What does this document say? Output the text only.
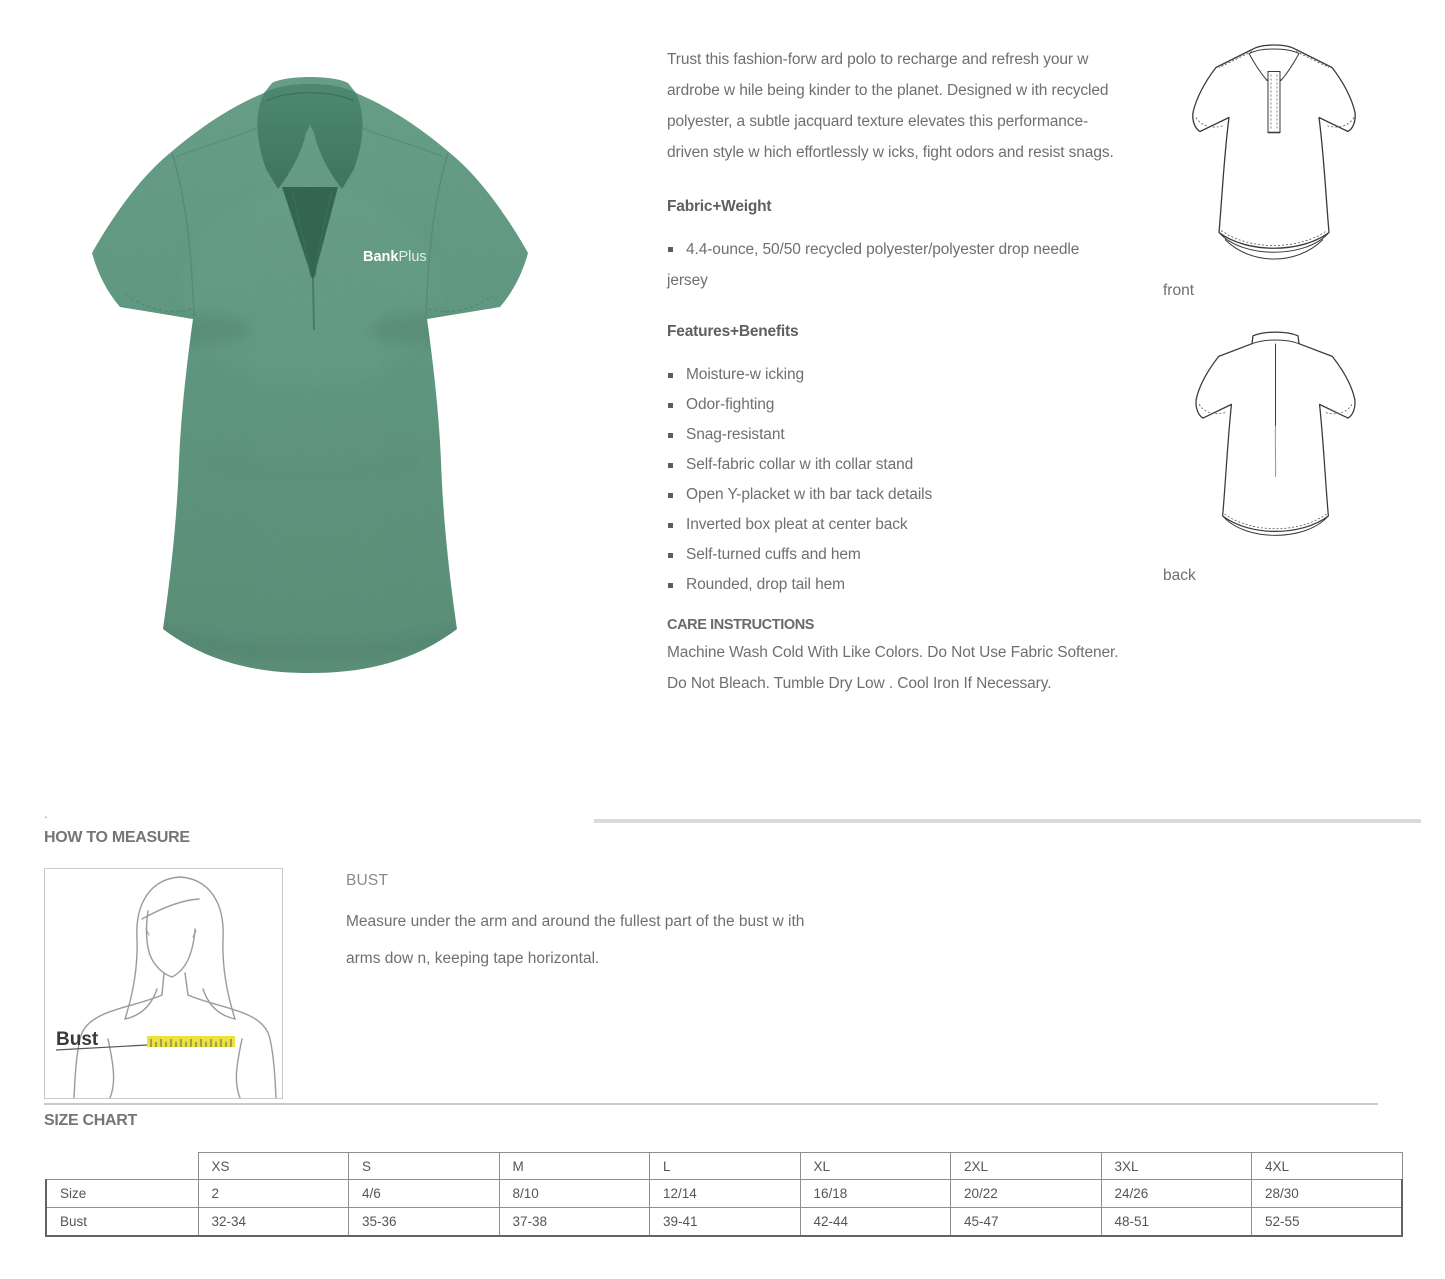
BankPlus

Trust this fashion-forw ard polo to recharge and refresh your w ardrobe w hile being kinder to the planet. Designed w ith recycled polyester, a subtle jacquard texture elevates this performance-driven style w hich effortlessly w icks, fight odors and resist snags.

Fabric+Weight

4.4-ounce, 50/50 recycled polyester/polyester drop needle jersey

Features+Benefits
Moisture-w icking
Odor-fighting
Snag-resistant
Self-fabric collar w ith collar stand
Open Y-placket w ith bar tack details
Inverted box pleat at center back
Self-turned cuffs and hem
Rounded, drop tail hem
CARE INSTRUCTIONS

Machine Wash Cold With Like Colors. Do Not Use Fabric Softener. Do Not Bleach. Tumble Dry Low . Cool Iron If Necessary.

front
back
.
HOW TO MEASURE
Bust

BUST

Measure under the arm and around the fullest part of the bust w ith arms dow n, keeping tape horizontal.

SIZE CHART
	XS	S	M	L	XL	2XL	3XL	4XL
Size	2	4/6	8/10	12/14	16/18	20/22	24/26	28/30
Bust	32-34	35-36	37-38	39-41	42-44	45-47	48-51	52-55
